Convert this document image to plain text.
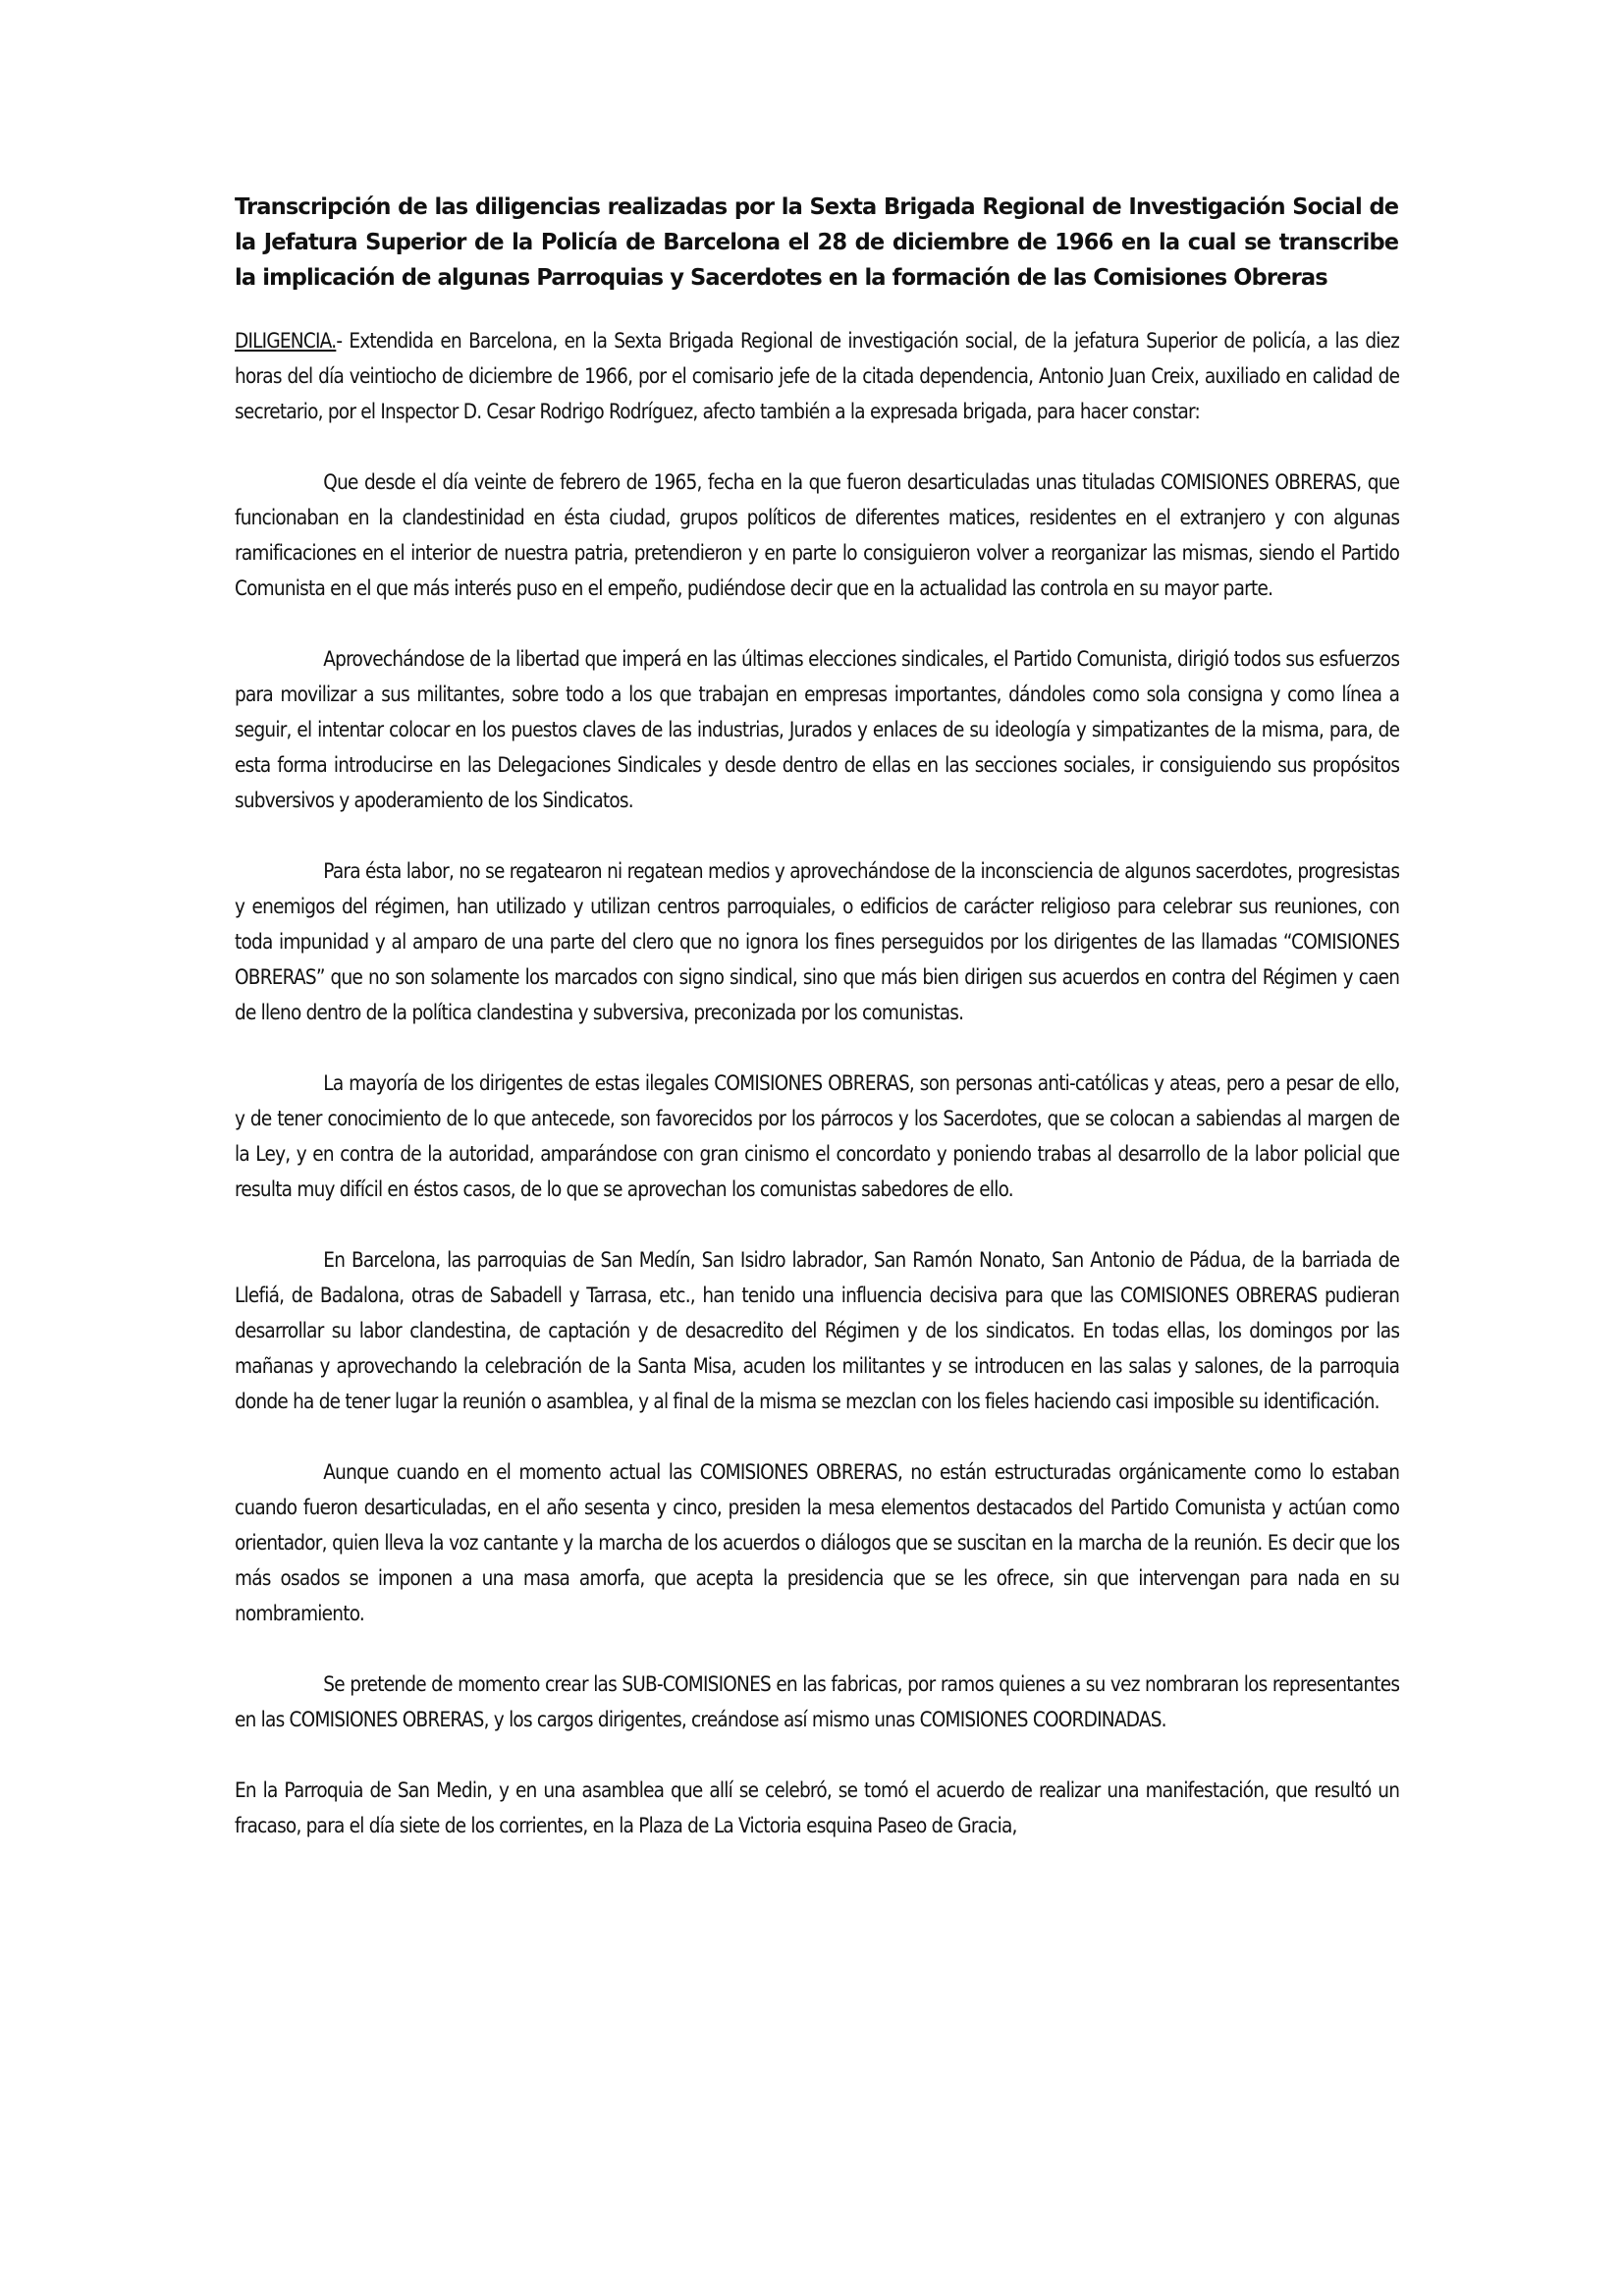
Transcripción de las diligencias realizadas por la Sexta Brigada Regional de Investigación Social de la Jefatura Superior de la Policía de Barcelona el 28 de diciembre de 1966 en la cual se transcribe la implicación de algunas Parroquias y Sacerdotes en la formación de las Comisiones Obreras

DILIGENCIA.- Extendida en Barcelona, en la Sexta Brigada Regional de investigación social, de la jefatura Superior de policía, a las diez horas del día veintiocho de diciembre de 1966, por el comisario jefe de la citada dependencia, Antonio Juan Creix, auxiliado en calidad de secretario, por el Inspector D. Cesar Rodrigo Rodríguez, afecto también a la expresada brigada, para hacer constar:

Que desde el día veinte de febrero de 1965, fecha en la que fueron desarticuladas unas tituladas COMISIONES OBRERAS, que funcionaban en la clandestinidad en ésta ciudad, grupos políticos de diferentes matices, residentes en el extranjero y con algunas ramificaciones en el interior de nuestra patria, pretendieron y en parte lo consiguieron volver a reorganizar las mismas, siendo el Partido Comunista en el que más interés puso en el empeño, pudiéndose decir que en la actualidad las controla en su mayor parte.

Aprovechándose de la libertad que imperá en las últimas elecciones sindicales, el Partido Comunista, dirigió todos sus esfuerzos para movilizar a sus militantes, sobre todo a los que trabajan en empresas importantes, dándoles como sola consigna y como línea a seguir, el intentar colocar en los puestos claves de las industrias, Jurados y enlaces de su ideología y simpatizantes de la misma, para, de esta forma introducirse en las Delegaciones Sindicales y desde dentro de ellas en las secciones sociales, ir consiguiendo sus propósitos subversivos y apoderamiento de los Sindicatos.

Para ésta labor, no se regatearon ni regatean medios y aprovechándose de la inconsciencia de algunos sacerdotes, progresistas y enemigos del régimen, han utilizado y utilizan centros parroquiales, o edificios de carácter religioso para celebrar sus reuniones, con toda impunidad y al amparo de una parte del clero que no ignora los fines perseguidos por los dirigentes de las llamadas “COMISIONES OBRERAS” que no son solamente los marcados con signo sindical, sino que más bien dirigen sus acuerdos en contra del Régimen y caen de lleno dentro de la política clandestina y subversiva, preconizada por los comunistas.

La mayoría de los dirigentes de estas ilegales COMISIONES OBRERAS, son personas anti-católicas y ateas, pero a pesar de ello, y de tener conocimiento de lo que antecede, son favorecidos por los párrocos y los Sacerdotes, que se colocan a sabiendas al margen de la Ley, y en contra de la autoridad, amparándose con gran cinismo el concordato y poniendo trabas al desarrollo de la labor policial que resulta muy difícil en éstos casos, de lo que se aprovechan los comunistas sabedores de ello.

En Barcelona, las parroquias de San Medín, San Isidro labrador, San Ramón Nonato, San Antonio de Pádua, de la barriada de Llefiá, de Badalona, otras de Sabadell y Tarrasa, etc., han tenido una influencia decisiva para que las COMISIONES OBRERAS pudieran desarrollar su labor clandestina, de captación y de desacredito del Régimen y de los sindicatos. En todas ellas, los domingos por las mañanas y aprovechando la celebración de la Santa Misa, acuden los militantes y se introducen en las salas y salones, de la parroquia donde ha de tener lugar la reunión o asamblea, y al final de la misma se mezclan con los fieles haciendo casi imposible su identificación.

Aunque cuando en el momento actual las COMISIONES OBRERAS, no están estructuradas orgánicamente como lo estaban cuando fueron desarticuladas, en el año sesenta y cinco, presiden la mesa elementos destacados del Partido Comunista y actúan como orientador, quien lleva la voz cantante y la marcha de los acuerdos o diálogos que se suscitan en la marcha de la reunión. Es decir que los más osados se imponen a una masa amorfa, que acepta la presidencia que se les ofrece, sin que intervengan para nada en su nombramiento.

Se pretende de momento crear las SUB-COMISIONES en las fabricas, por ramos quienes a su vez nombraran los representantes en las COMISIONES OBRERAS, y los cargos dirigentes, creándose así mismo unas COMISIONES COORDINADAS.

En la Parroquia de San Medin, y en una asamblea que allí se celebró, se tomó el acuerdo de realizar una manifestación, que resultó un fracaso, para el día siete de los corrientes, en la Plaza de La Victoria esquina Paseo de Gracia,
